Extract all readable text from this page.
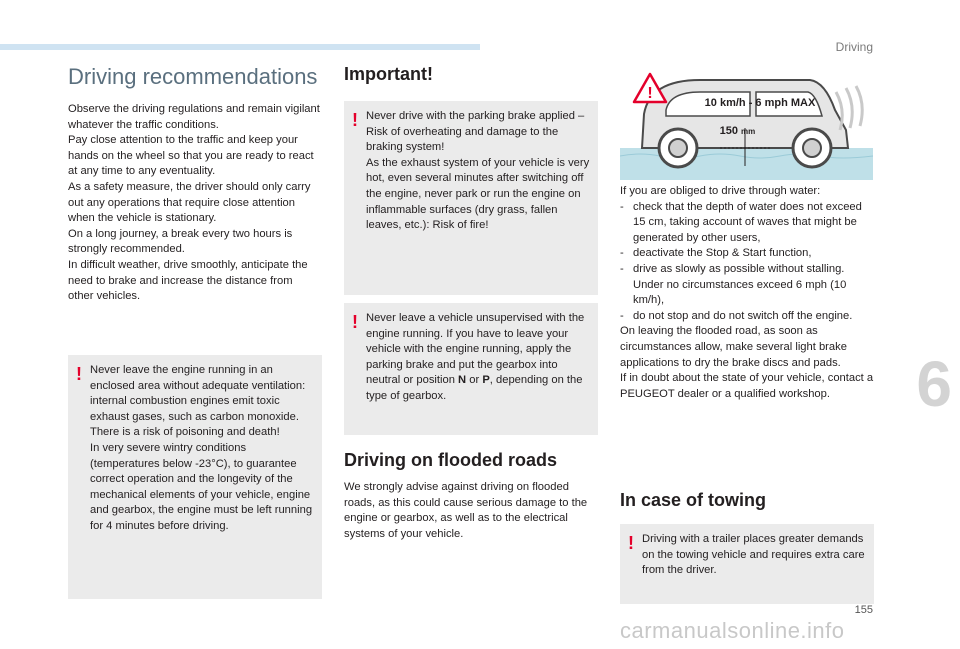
Driving
Driving recommendations

Observe the driving regulations and remain vigilant whatever the traffic conditions.

Pay close attention to the traffic and keep your hands on the wheel so that you are ready to react at any time to any eventuality.

As a safety measure, the driver should only carry out any operations that require close attention when the vehicle is stationary.

On a long journey, a break every two hours is strongly recommended.

In difficult weather, drive smoothly, anticipate the need to brake and increase the distance from other vehicles.

! Never leave the engine running in an enclosed area without adequate ventilation: internal combustion engines emit toxic exhaust gases, such as carbon monoxide. There is a risk of poisoning and death!

In very severe wintry conditions (temperatures below -23°C), to guarantee correct operation and the longevity of the mechanical elements of your vehicle, engine and gearbox, the engine must be left running for 4 minutes before driving.

Important!
! Never drive with the parking brake applied – Risk of overheating and damage to the braking system!

As the exhaust system of your vehicle is very hot, even several minutes after switching off the engine, never park or run the engine on inflammable surfaces (dry grass, fallen leaves, etc.): Risk of fire!

! Never leave a vehicle unsupervised with the engine running. If you have to leave your vehicle with the engine running, apply the parking brake and put the gearbox into neutral or position N or P, depending on the type of gearbox.

Driving on flooded roads

We strongly advise against driving on flooded roads, as this could cause serious damage to the engine or gearbox, as well as to the electrical systems of your vehicle.

!
10 km/h - 6 mph MAX
150 mm

If you are obliged to drive through water:

- check that the depth of water does not exceed 15 cm, taking account of waves that might be generated by other users,
- deactivate the Stop & Start function,
- drive as slowly as possible without stalling. Under no circumstances exceed 6 mph (10 km/h),
- do not stop and do not switch off the engine.

On leaving the flooded road, as soon as circumstances allow, make several light brake applications to dry the brake discs and pads.

If in doubt about the state of your vehicle, contact a PEUGEOT dealer or a qualified workshop.

In case of towing
! Driving with a trailer places greater demands on the towing vehicle and requires extra care from the driver.

6
155
carmanualsonline.info
